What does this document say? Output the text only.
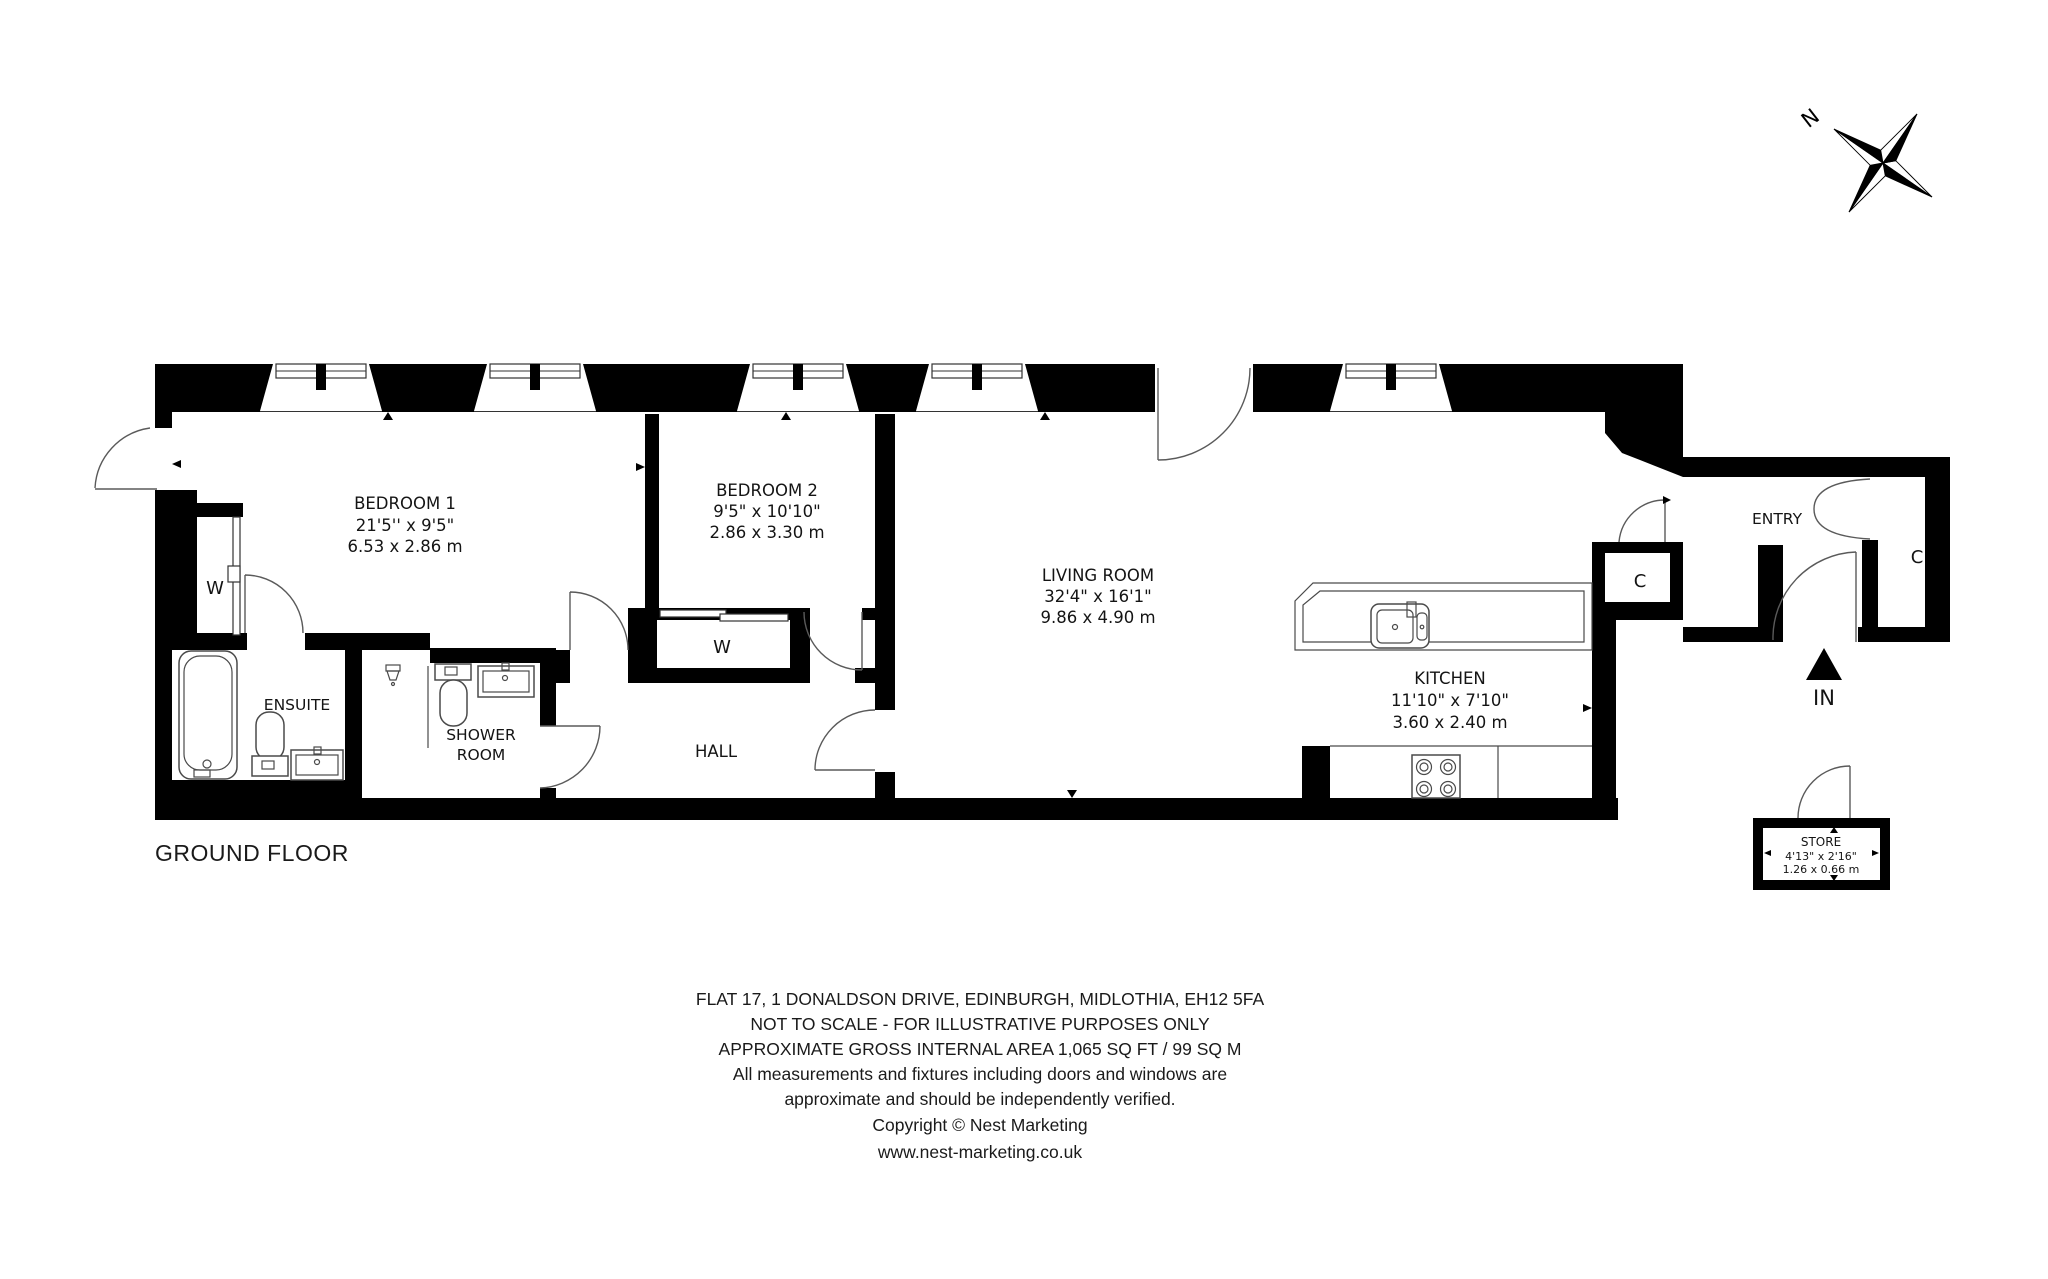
IN
N
BEDROOM 1
21'5'' x 9'5"
6.53 x 2.86 m
BEDROOM 2
9'5" x 10'10"
2.86 x 3.30 m
LIVING ROOM
32'4" x 16'1"
9.86 x 4.90 m
KITCHEN
11'10" x 7'10"
3.60 x 2.40 m
ENSUITE
SHOWER
ROOM	HALL
ENTRY
W
W
C
C
STORE
4'13" x 2'16"
1.26 x 0.66 m
GROUND FLOOR
FLAT 17, 1 DONALDSON DRIVE, EDINBURGH, MIDLOTHIA, EH12 5FA
NOT TO SCALE - FOR ILLUSTRATIVE PURPOSES ONLY
APPROXIMATE GROSS INTERNAL AREA 1,065 SQ FT / 99 SQ M
All measurements and fixtures including doors and windows are
approximate and should be independently verified.
Copyright © Nest Marketing
www.nest-marketing.co.uk
